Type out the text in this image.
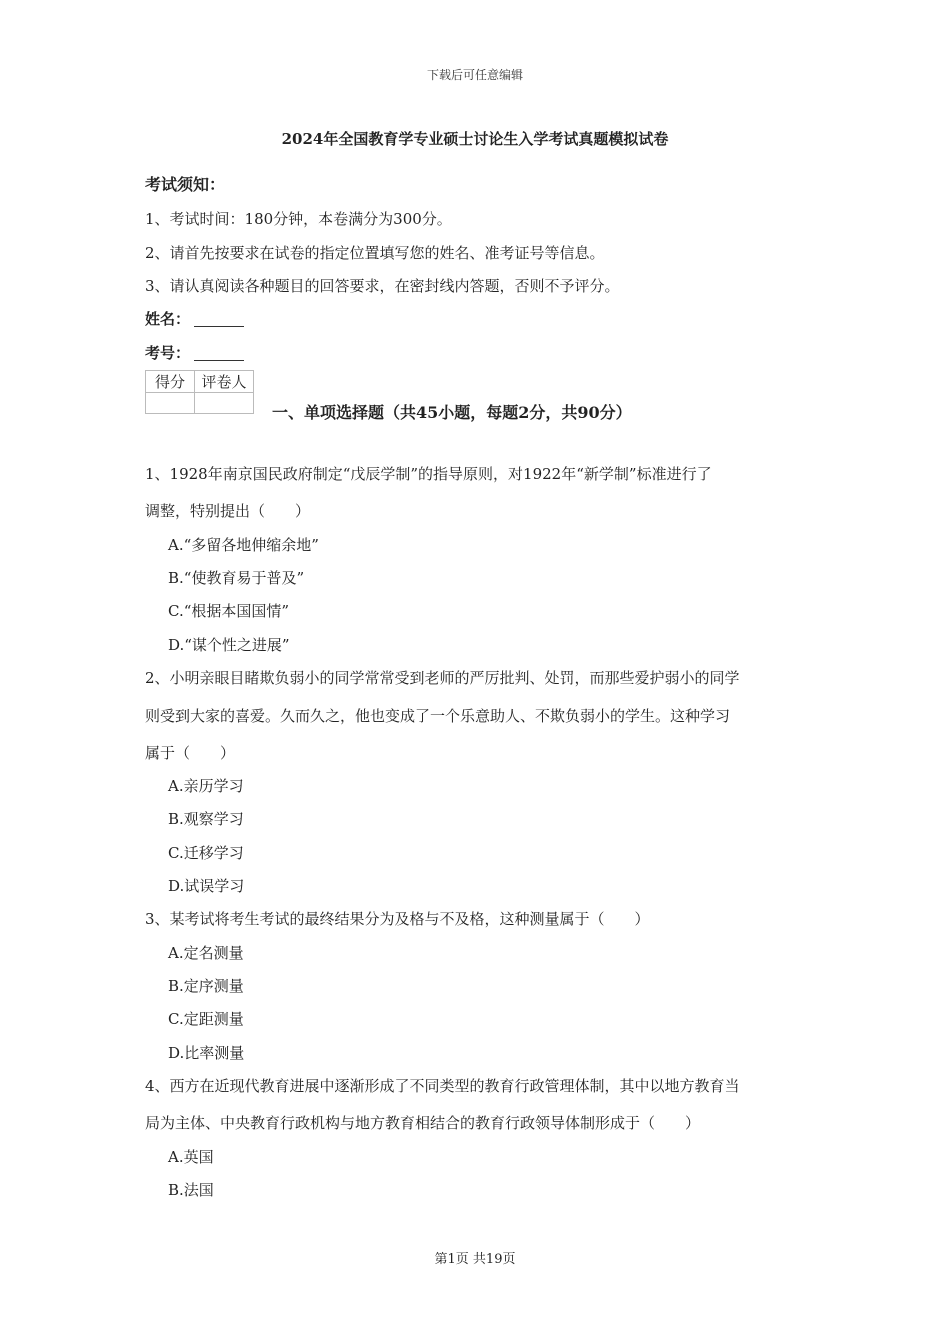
下载后可任意编辑
2024年全国教育学专业硕士讨论生入学考试真题模拟试卷
考试须知：
1、考试时间：180分钟，本卷满分为300分。
2、请首先按要求在试卷的指定位置填写您的姓名、准考证号等信息。
3、请认真阅读各种题目的回答要求，在密封线内答题，否则不予评分。
姓名：
考号：
得分	评卷人

一、单项选择题（共45小题，每题2分，共90分）
1、1928年南京国民政府制定“戊辰学制”的指导原则，对1922年“新学制”标准进行了
调整，特别提出（　　）
A.“多留各地伸缩余地”
B.“使教育易于普及”
C.“根据本国国情”
D.“谋个性之进展”
2、小明亲眼目睹欺负弱小的同学常常受到老师的严厉批判、处罚，而那些爱护弱小的同学
则受到大家的喜爱。久而久之，他也变成了一个乐意助人、不欺负弱小的学生。这种学习
属于（　　）
A.亲历学习
B.观察学习
C.迁移学习
D.试误学习
3、某考试将考生考试的最终结果分为及格与不及格，这种测量属于（　　）
A.定名测量
B.定序测量
C.定距测量
D.比率测量
4、西方在近现代教育进展中逐渐形成了不同类型的教育行政管理体制，其中以地方教育当
局为主体、中央教育行政机构与地方教育相结合的教育行政领导体制形成于（　　）
A.英国
B.法国
第1页 共19页
